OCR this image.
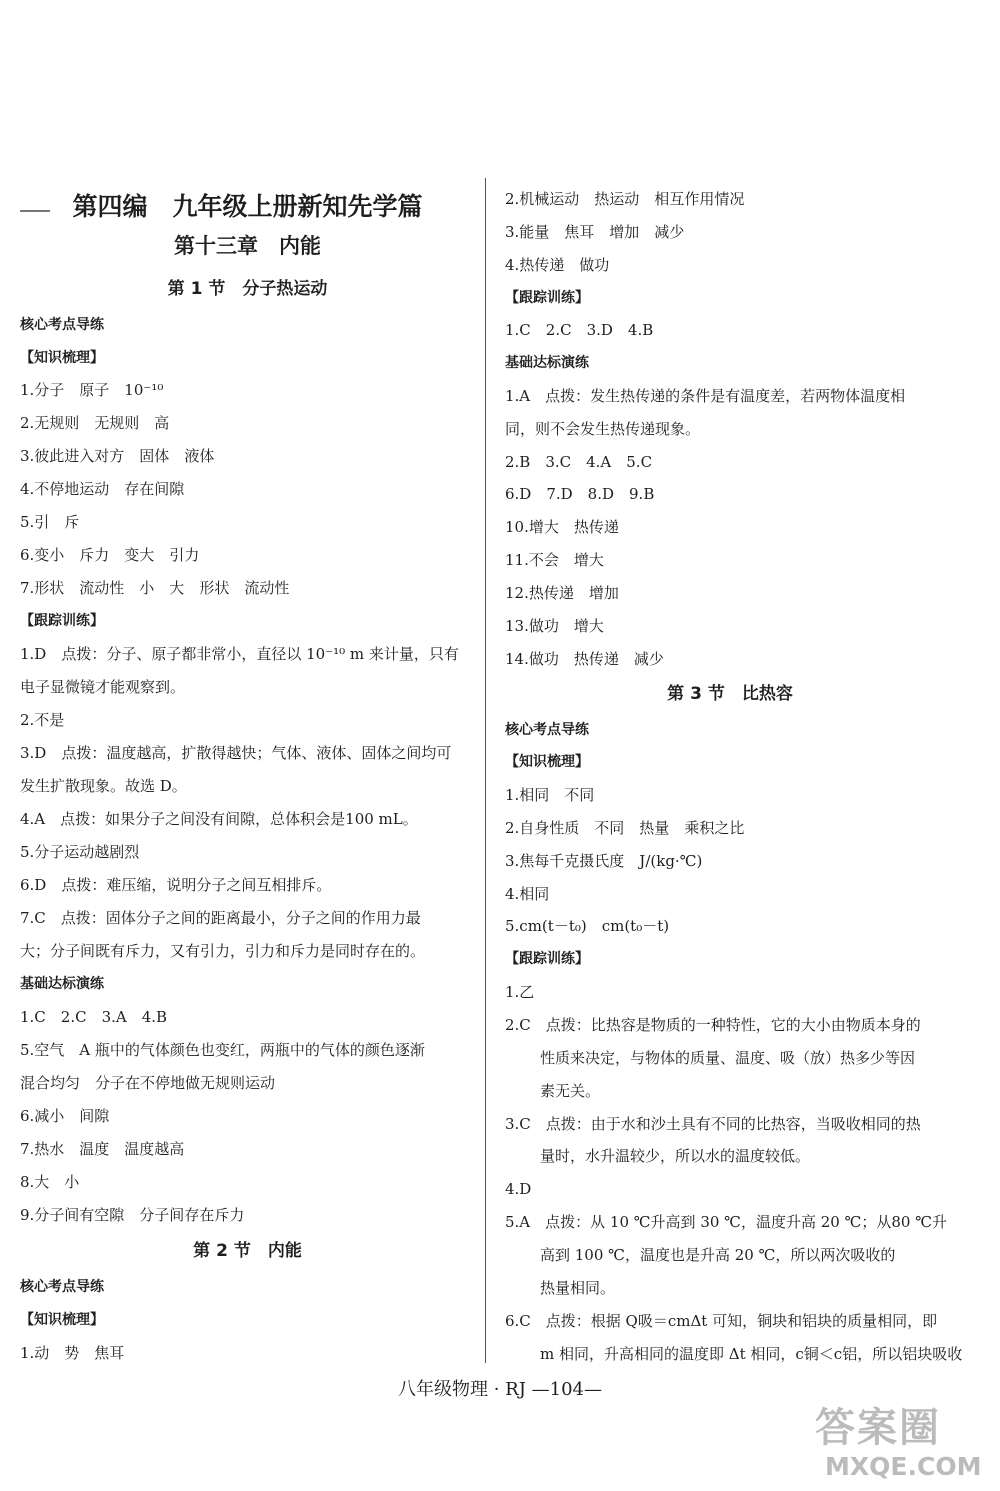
第四编　九年级上册新知先学篇
第十三章　内能
第 1 节　分子热运动
核心考点导练
【知识梳理】
1.分子　原子　10⁻¹⁰
2.无规则　无规则　高
3.彼此进入对方　固体　液体
4.不停地运动　存在间隙
5.引　斥
6.变小　斥力　变大　引力
7.形状　流动性　小　大　形状　流动性
【跟踪训练】
1.D　点拨：分子、原子都非常小，直径以 10⁻¹⁰ m 来计量，只有
电子显微镜才能观察到。
2.不是
3.D　点拨：温度越高，扩散得越快；气体、液体、固体之间均可
发生扩散现象。故选 D。
4.A　点拨：如果分子之间没有间隙，总体积会是100 mL。
5.分子运动越剧烈
6.D　点拨：难压缩，说明分子之间互相排斥。
7.C　点拨：固体分子之间的距离最小，分子之间的作用力最
大；分子间既有斥力，又有引力，引力和斥力是同时存在的。
基础达标演练
1.C　2.C　3.A　4.B
5.空气　A 瓶中的气体颜色也变红，两瓶中的气体的颜色逐渐
混合均匀　分子在不停地做无规则运动
6.减小　间隙
7.热水　温度　温度越高
8.大　小
9.分子间有空隙　分子间存在斥力
第 2 节　内能
核心考点导练
【知识梳理】
1.动　势　焦耳
2.机械运动　热运动　相互作用情况
3.能量　焦耳　增加　减少
4.热传递　做功
【跟踪训练】
1.C　2.C　3.D　4.B
基础达标演练
1.A　点拨：发生热传递的条件是有温度差，若两物体温度相
同，则不会发生热传递现象。
2.B　3.C　4.A　5.C
6.D　7.D　8.D　9.B
10.增大　热传递
11.不会　增大
12.热传递　增加
13.做功　增大
14.做功　热传递　减少
第 3 节　比热容
核心考点导练
【知识梳理】
1.相同　不同
2.自身性质　不同　热量　乘积之比
3.焦每千克摄氏度　J/(kg·℃)
4.相同
5.cm(t－t₀)　cm(t₀－t)
【跟踪训练】
1.乙
2.C　点拨：比热容是物质的一种特性，它的大小由物质本身的
性质来决定，与物体的质量、温度、吸（放）热多少等因
素无关。
3.C　点拨：由于水和沙土具有不同的比热容，当吸收相同的热
量时，水升温较少，所以水的温度较低。
4.D
5.A　点拨：从 10 ℃升高到 30 ℃，温度升高 20 ℃；从80 ℃升
高到 100 ℃，温度也是升高 20 ℃，所以两次吸收的
热量相同。
6.C　点拨：根据 Q吸＝cmΔt 可知，铜块和铝块的质量相同，即
m 相同，升高相同的温度即 Δt 相同，c铜＜c铝，所以铝块吸收
八年级物理 · RJ —104—
答案圈
MXQE.COM
